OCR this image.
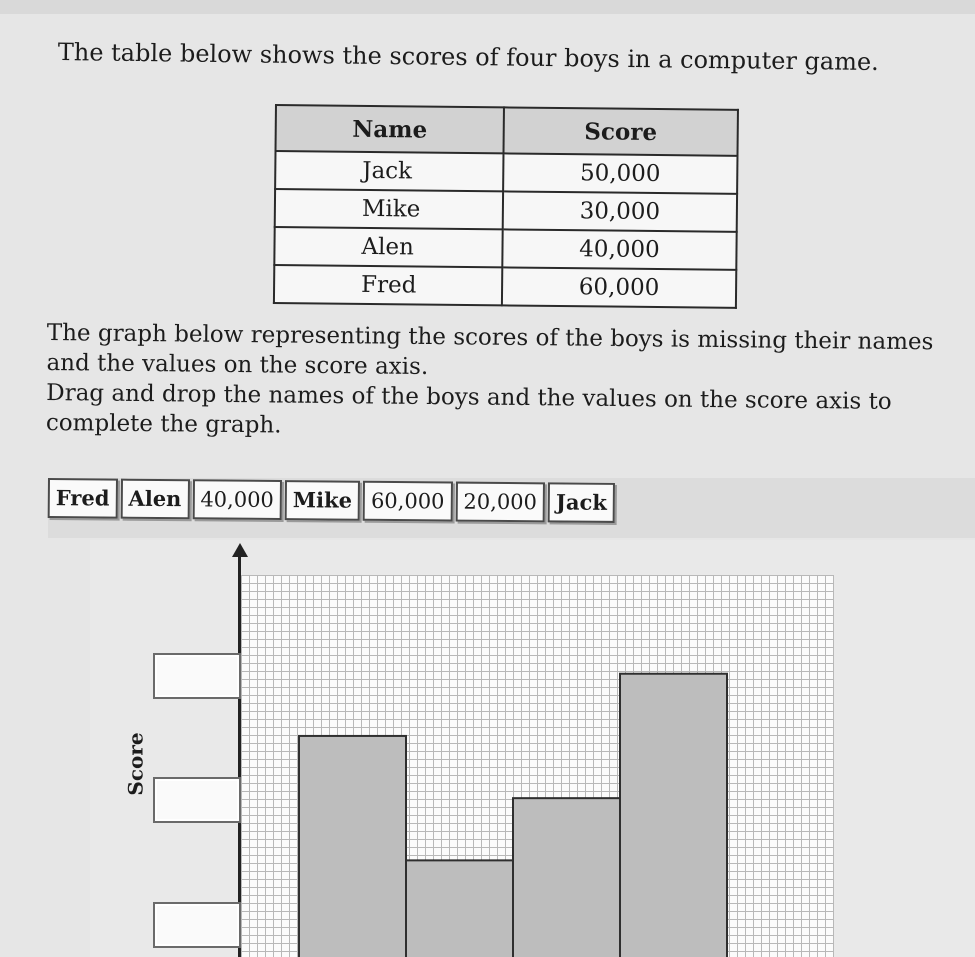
The table below shows the scores of four boys in a computer game.
Name	Score
Jack	50,000
Mike	30,000
Alen	40,000
Fred	60,000

The graph below representing the scores of the boys is missing their names and the values on the score axis.

Drag and drop the names of the boys and the values on the score axis to complete the graph.

Fred Alen 40,000 Mike 60,000 20,000 Jack
Score
